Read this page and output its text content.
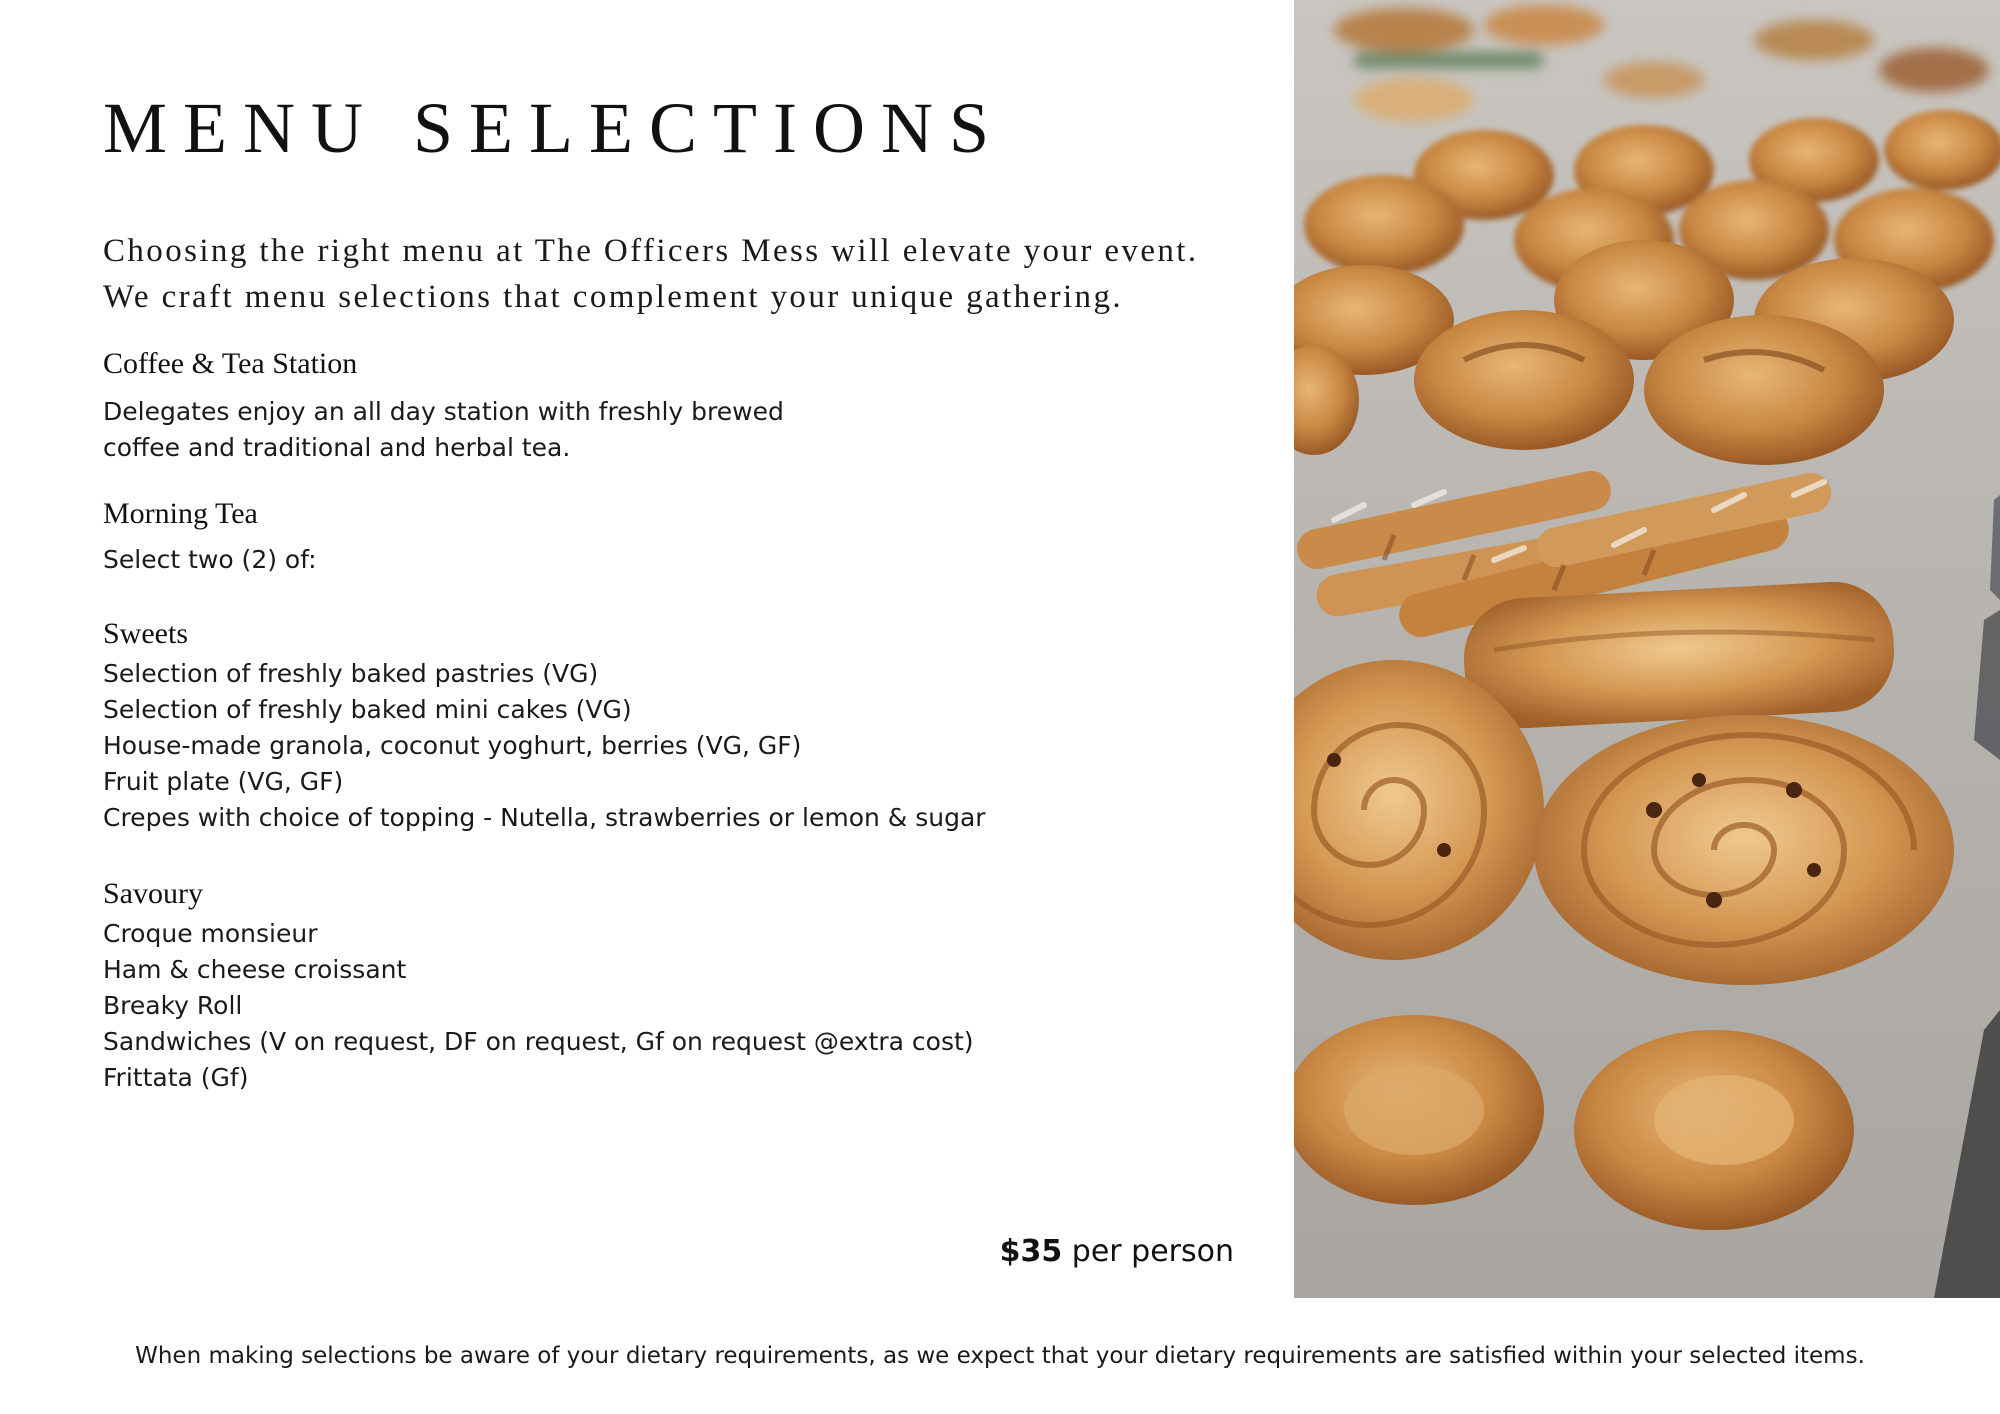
MENU SELECTIONS
Choosing the right menu at The Officers Mess will elevate your event.
We craft menu selections that complement your unique gathering.
Coffee & Tea Station
Delegates enjoy an all day station with freshly brewed
coffee and traditional and herbal tea.
Morning Tea
Select two (2) of:
Sweets
Selection of freshly baked pastries (VG)
Selection of freshly baked mini cakes (VG)
House-made granola, coconut yoghurt, berries (VG, GF)
Fruit plate (VG, GF)
Crepes with choice of topping - Nutella, strawberries or lemon & sugar
Savoury
Croque monsieur
Ham & cheese croissant
Breaky Roll
Sandwiches (V on request, DF on request, Gf on request @extra cost)
Frittata (Gf)
$35 per person
When making selections be aware of your dietary requirements, as we expect that your dietary requirements are satisfied within your selected items.
